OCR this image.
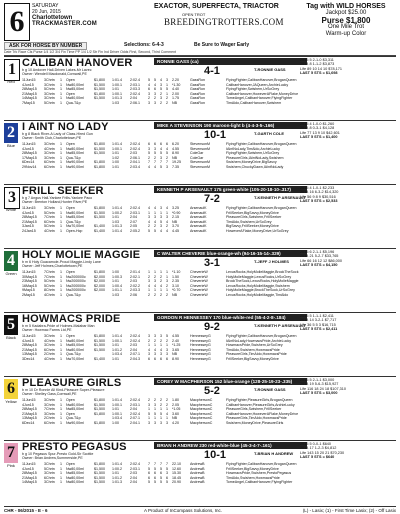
6	SATURDAY
20 Jun, 2015
Charlottetown
TRACKMASTER.COM
EXACTOR, SUPERFECTA, TRIACTOR
OPEN TROT
BREEDINGTROTTERS.COM
Tag with WILD HORSES
Jackpot $25.00
Purse $1,800
One Mile Trot
Warm-up Color
ASK FOR HORSE BY NUMBER	Selections: 6-4-3	Be Sure to Wager Early
Date Trk Race Cls Purse 1/4 1/2 3/4 Fin Time PP 1/4 1/2 Str Fin Ind Driver Odds First, Second, Third Comment
1
Red
CALIBAN HANOVER
b g 10 Andover Hall-Driven Lakes-Mr Lavec
Owner: Wendell Macdonald,Cornwall,PE
RONNIE GASS (ca)
4-1	T-RONNIE GASS
2015 5 2-1-0 $3,311
2014 8 1-1-2 $3,873
Life 89 10 14 10 $78,171
LAST 5 STS = $1,698
11Jun15 3Chrtn 1 Open	$1,800 1:01.4 2:02.4 5 5 4 3 2.20	GassRon	FlyingFighter,CalibanHanover,BroganQueen
4Jun15	3Chrtn 1 Nw80,00ml	$1,500 1:00.1 2:03.1 4 4 3 1 *1.30	GassRon	CalibanHanover,JAQueen,ArchieLucky
28May15 5Chrtn 1 Nw85,00ml	$1,500 1:01	2:03.3 6 6 5 5 4.40	GassRon	FlyingFighter,Swishem,UrSoGrey
21May15 3Chrtn 1 Open	$1,800 1:00.1 2:02.4 3 3 2 1 2.00	GassRon	CalibanHanover,HoweverAFlake,MoneyDrive
14May15 3Chrtn 1 Nw80,00ml	$1,500 1:01.3 2:04	2 2 3 2 1.75	GassRon	TomeAngel,CalibanHanover,FlyingFighter
7May15	5Chrtn 1 Qua-T&p	1:03	2:06.1 3 3 2 2 NB	GassRon	TimAldo,CalibanHanover,Swishem
2
Blue
I AINT NO LADY
b g 8 Black River-A Lady of Class-Hired Gun
Owner: Smith Club,Charlottetown,PE
MIKE A STEVENSON 190 maroon-light b (4-4-3-5-.166)
10-1	T-GARTH COLE
2015 4 1-0-0 $1,260
2014 8 0-3-1 $4,128
Life 77 13 9 10 $42,601
LAST 5 STS = $1,400
11Jun15 3Chrtn 1 Open	$1,800 1:01.4 2:02.4 6 6 6 6 6.20	StevensonM	FlyingFighter,CalibanHanover,BroganQueen
4Jun15	4Chrtn 1 Nw80,00ml	$1,500 1:00.1 2:02.4 3 3 4 4 4.55	StevensonM	IAintNoLady,TimAldo,ArchieLucky
28May15 3Chrtn 1 Nw85,00ml	$1,500 1:01	2:03	5 5 5 5 8.90	ColeGar	FlyingFighter,Swishem,UrSoGrey
17May15 3Chrtn 1 Qua-T&p	1:02	2:06.1 2 2 3 2 NB	ColeGar	PleasureGirls,IAintNoLady,Swishem
6Dec14	6Chrtn 1 Nw90,00ml	$1,800 1:00	2:04.1 7 7 7 7 19.25	StevensonM	Swishem,MoneyDrive,BigSavvy
29Nov14 6Chrtn 1 Nw90,00ml	$1,800 1:01	2:03.4 4 4 5 3 7.35	StevensonM	Swishem,ChuckyDawn,IAintNoLady
3
White
FRILL SEEKER
b g 7 Angus Hall-Yankee Frills-Yankee Paco
Owner: Brenton Holland,Hunter River,PE
KENNETH P ARSENAULT 175 green-white (105-20-18-10-.317)
7-2	T-KENNETH P ARSENAULT
2015 4 1-0-1 $2,233
2014 16 6-3-2 $14,320
Life 56 9 8 9 $30,516
LAST 5 STS = $2,533
11Jun15 3Chrtn 1 Open	$1,800 1:01.4 2:02.4 4 4 3 4 3.25	ArsenaulK	FlyingFighter,CalibanHanover,BroganQueen
4Jun15	5Chrtn 1 Nw80,00ml	$1,500 1:00.2 2:03.1 1 1 1 1 *0.90	ArsenaulK	FrillSeeker,BigSavvy,MoneyDrive
28May15 7Chrtn 1 Nw85,00ml	$1,500 1:01	2:04	3 3 3 3 2.15	ArsenaulK	PleasureGirls,Swishem,FrillSeeker
21May15 6Chrtn 1 Qua-T&p	1:03	2:07	4 4 5 4 NB	ArsenaulK	TimAldo,Swishem,UrSoGrey
3Jan15	5Chrtn 1 Nw70,00ml	$1,400 1:01.3 2:05	2 2 3 2 3.70	ArsenaulK	BigSavvy,FrillSeeker,MoneyDrive
24Jan15 4Chrtn 1 Open-Hcp	$1,400 1:01.4 2:05.2 5 5 4 4 4.45	ArsenaulK	HoweverAFlake,MoneyDrive,UrSoGrey
4
Green
HOLY MOLIE MAGGIE
b m 6 Holy Guacamole-Proud Maggie-Lindy Lane
Owner: Jeff Holmes,Charlottetown,PE
C WALTER CHEVERIE blue-orange-wh (94-16-15-14-.329)
3-1	T-JEFF J HOLMES
2015 6 2-1-1 $5,196
2014 21 5-2-7 $33,765
Life 66 16 12 12 $86,000
LAST 5 STS = $4,150
11Jun15 7Chrtn 1 Open	$1,800 1:00	2:01.4 1 1 1 1 *1.10	CheverieW	LexusRocks,HolyMolieMaggie,BrockTheSock
30May15 7Chrtn 1 Nw200000lc $2,000 1:00.3 2:02.1 2 2 2 1 1.50	CheverieW	HolyMolieMaggie,LexusRocks,UrSoGrey
23May15 5Chrtn 1 Nw200000lc $2,000 1:01	2:03	3 3 2 3 2.35	CheverieW	BrockTheSock,LexusRocks,HolyMolieMaggie
16May15 5Chrtn 1 Nw200000lc $2,000 1:00.4 2:02.2 4 4 4 2 3.10	CheverieW	LexusRocks,HolyMolieMaggie,Swishem
9May15	8Chrtn 1 Nw200000lc $2,000 1:01.1 2:03.3 1 1 1 1 *0.70	CheverieW	HolyMolieMaggie,BrockTheSock,UrSoGrey
2May15	4Chrtn 1 Qua-T&p	1:03	2:06	2 2 2 2 NB	CheverieW	LexusRocks,HolyMolieMaggie,TimAldo
5
Black
HOWMACS PRIDE
b m 5 Kadabra-Pride of Holmes-Malabar Man
Owner: Howmac Farms Ltd,PE
GORDON R HENNESSEY 170 blue-white-red (55-4-2-8-.184)
9-2	T-KENNETH P ARSENAULT
2015 5 1-1-1 $2,411
2014 14 3-2-1 $7,717
Life 36 5 5 3 $16,715
LAST 5 STS = $2,411
11Jun15 3Chrtn 1 Open	$1,800 1:01.4 2:02.4 3 3 3 5 4.55	HennesseyG	FlyingFighter,CalibanHanover,BroganQueen
4Jun15	4Chrtn 1 Nw80,00ml	$1,500 1:00.1 2:02.4 2 2 2 2 2.40	HennesseyG	IAintNoLady,HowmacsPride,ArchieLucky
28May15 3Chrtn 1 Nw85,00ml	$1,500 1:01	2:03	1 1 1 1 *1.25	HennesseyG	HowmacsPride,Swishem,UrSoGrey
21May15 6Chrtn 1 Nw80,00ml	$1,500 1:01.2 2:04	4 4 4 3 3.65	HennesseyG	TimAldo,Swishem,HowmacsPride
13May15 2Chrtn 1 Qua-T&p	1:03.4 2:07.1 3 3 3 3 NB	HennesseyG	PleasureGirls,TimAldo,HowmacsPride
3Dec14	4Chrtn 1 Nw70,00ml	$1,400 1:01	2:04.3 6 6 6 6 8.90	HennesseyG	FrillSeeker,BigSavvy,MoneyDrive
6
Yellow
PLEASURE GIRLS
b m 10 Dr Ronnie All Kind-Pleasure Super-Pleasure
Owner: Shelley Gass,Cornwall,PE
COREY W MACPHERSON 152 blue-orange (128-25-19-23-.335)
5-2	T-RONNIE GASS
2015 5 2-1-1 $3,000
2014 19 5-6-3 $15,927
Life 116 18 24 18 $107,310
LAST 5 STS = $3,000
11Jun15 3Chrtn 1 Open	$1,800 1:01.4 2:02.4 2 2 2 2 1.80	MacphersonC	FlyingFighter,PleasureGirls,BroganQueen
4Jun15	3Chrtn 1 Nw80,00ml	$1,500 1:00.1 2:03.1 3 3 2 2 2.05	MacphersonC	CalibanHanover,PleasureGirls,ArchieLucky
28May15 7Chrtn 1 Nw85,00ml	$1,500 1:01	2:04	1 1 1 1 *1.05	MacphersonC	PleasureGirls,Swishem,FrillSeeker
21May15 3Chrtn 1 Open	$1,800 1:00.1 2:02.4 5 5 5 4 3.60	MacphersonC	CalibanHanover,HoweverAFlake,MoneyDrive
13May15 2Chrtn 1 Qua-T&p	1:03.4 2:07.1 1 1 1 1 NB	MacphersonC	PleasureGirls,TimAldo,HowmacsPride
6Dec14	6Chrtn 1 Nw90,00ml	$1,800 1:00	2:04.1 3 3 3 3 4.20	MacphersonC	Swishem,MoneyDrive,PleasureGirls
7
Pink
PRESTO PEGASUS
b g 10 Pegasus Spur-Presto Gold-Sir Scottie
Owner: Brian Andrew,Summerside,PE
BRIAN H ANDREW 230 red-white-blue (45-3-4-7-.161)
10-1	T-BRIAN H ANDREW
2015 5 0-0-1 $640
2014 17 1-2-3 $4,812
Life 143 15 20 21 $70,230
LAST 5 STS = $640
11Jun15 3Chrtn 1 Open	$1,800 1:01.4 2:02.4 7 7 7 7 22.10	AndrewB	FlyingFighter,CalibanHanover,BroganQueen
4Jun15	5Chrtn 1 Nw80,00ml	$1,500 1:00.2 2:03.1 5 5 5 5 12.60	AndrewB	FrillSeeker,BigSavvy,MoneyDrive
28May15 3Chrtn 1 Nw85,00ml	$1,500 1:01	2:03	6 6 6 3 15.30	AndrewB	HowmacsPride,Swishem,PrestoPegasus
21May15 6Chrtn 1 Nw80,00ml	$1,500 1:01.2 2:04	6 6 5 6 18.45	AndrewB	TimAldo,Swishem,HowmacsPride
14May15 3Chrtn 1 Nw80,00ml	$1,500 1:01.3 2:04	5 5 5 5 20.90	AndrewB	TomeAngel,CalibanHanover,FlyingFighter
CHR - 06/2015 - E - 6	A Product of InCompass Solutions, Inc.	(L) - Lasix; (1) - First Time Lasix; (2) - Off Lasix
